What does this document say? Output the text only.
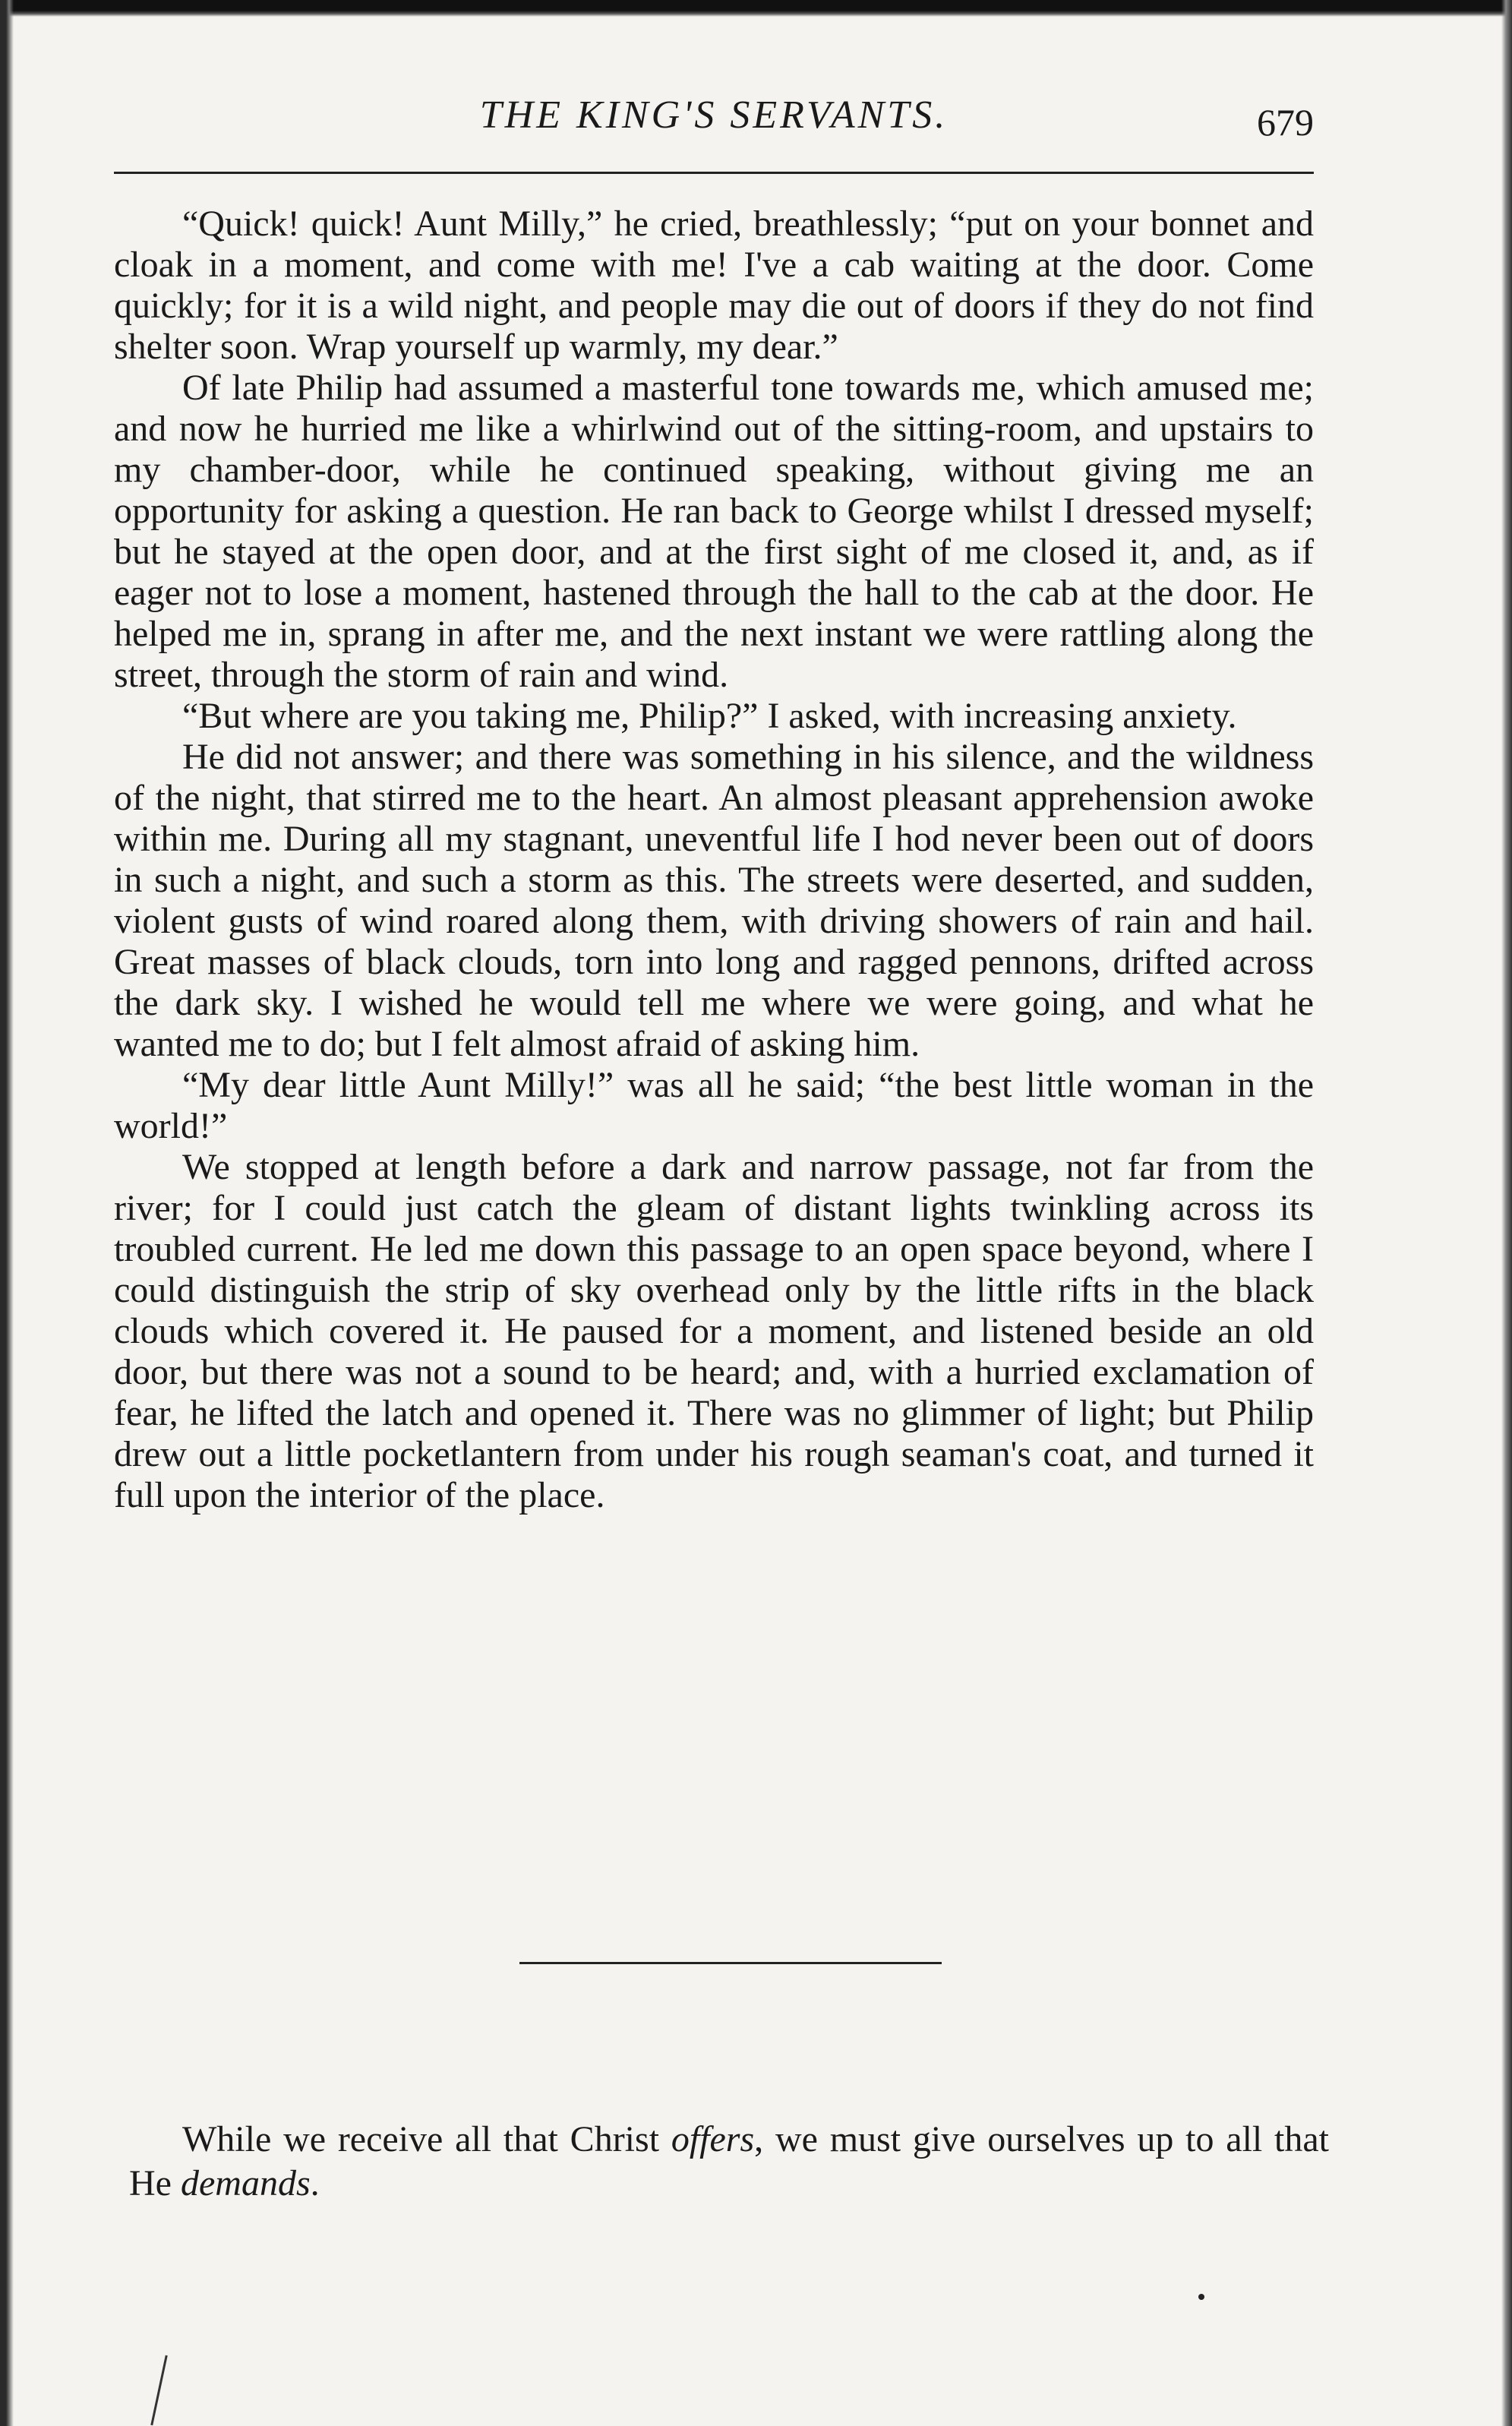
THE KING'S SERVANTS.	679

“Quick! quick! Aunt Milly,” he cried, breathlessly; “put on your bonnet and cloak in a moment, and come with me! I've a cab waiting at the door. Come quickly; for it is a wild night, and people may die out of doors if they do not find shelter soon. Wrap yourself up warmly, my dear.”

Of late Philip had assumed a masterful tone towards me, which amused me; and now he hurried me like a whirlwind out of the sitting-room, and upstairs to my chamber-door, while he continued speaking, without giving me an opportunity for asking a question. He ran back to George whilst I dressed myself; but he stayed at the open door, and at the first sight of me closed it, and, as if eager not to lose a moment, hastened through the hall to the cab at the door. He helped me in, sprang in after me, and the next instant we were rattling along the street, through the storm of rain and wind.

“But where are you taking me, Philip?” I asked, with increasing anxiety.

He did not answer; and there was something in his silence, and the wildness of the night, that stirred me to the heart. An almost pleasant apprehension awoke within me. During all my stagnant, uneventful life I hod never been out of doors in such a night, and such a storm as this. The streets were deserted, and sudden, violent gusts of wind roared along them, with driving showers of rain and hail. Great masses of black clouds, torn into long and ragged pennons, drifted across the dark sky. I wished he would tell me where we were going, and what he wanted me to do; but I felt almost afraid of asking him.

“My dear little Aunt Milly!” was all he said; “the best little woman in the world!”

We stopped at length before a dark and narrow passage, not far from the river; for I could just catch the gleam of distant lights twinkling across its troubled current. He led me down this passage to an open space beyond, where I could distinguish the strip of sky overhead only by the little rifts in the black clouds which covered it. He paused for a moment, and listened beside an old door, but there was not a sound to be heard; and, with a hurried exclamation of fear, he lifted the latch and opened it. There was no glimmer of light; but Philip drew out a little pocketlantern from under his rough seaman's coat, and turned it full upon the interior of the place.

While we receive all that Christ offers, we must give ourselves up to all that He demands.
